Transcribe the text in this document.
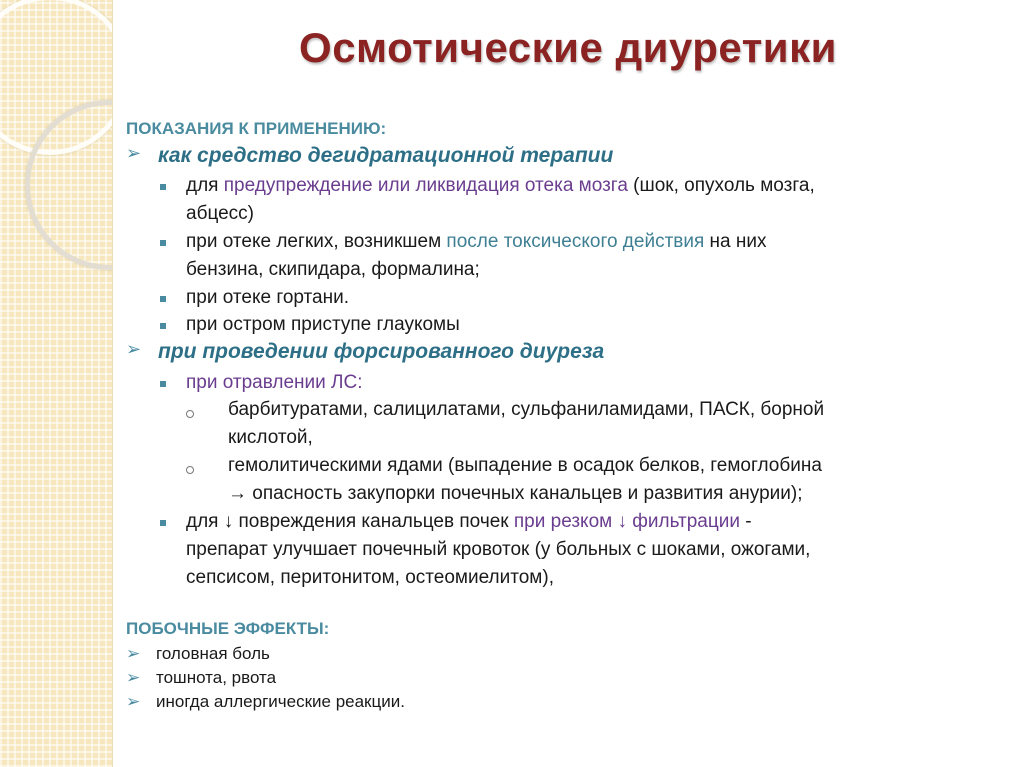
Осмотические диуретики

ПОКАЗАНИЯ К ПРИМЕНЕНИЮ:

➢ как средство дегидратационной терапии

для предупреждение или ликвидация отека мозга (шок, опухоль мозга,

абцесс)

при отеке легких, возникшем после токсического действия на них

бензина, скипидара, формалина;

при отеке гортани.

при остром приступе глаукомы

➢ при проведении форсированного диуреза

при отравлении ЛС:

барбитуратами, салицилатами, сульфаниламидами, ПАСК, борной

кислотой,

гемолитическими ядами (выпадение в осадок белков, гемоглобина

→ опасность закупорки почечных канальцев и развития анурии);

для ↓ повреждения канальцев почек при резком ↓ фильтрации -

препарат улучшает почечный кровоток (у больных с шоками, ожогами,

сепсисом, перитонитом, остеомиелитом),

ПОБОЧНЫЕ ЭФФЕКТЫ:

➢ головная боль

➢ тошнота, рвота

➢ иногда аллергические реакции.
